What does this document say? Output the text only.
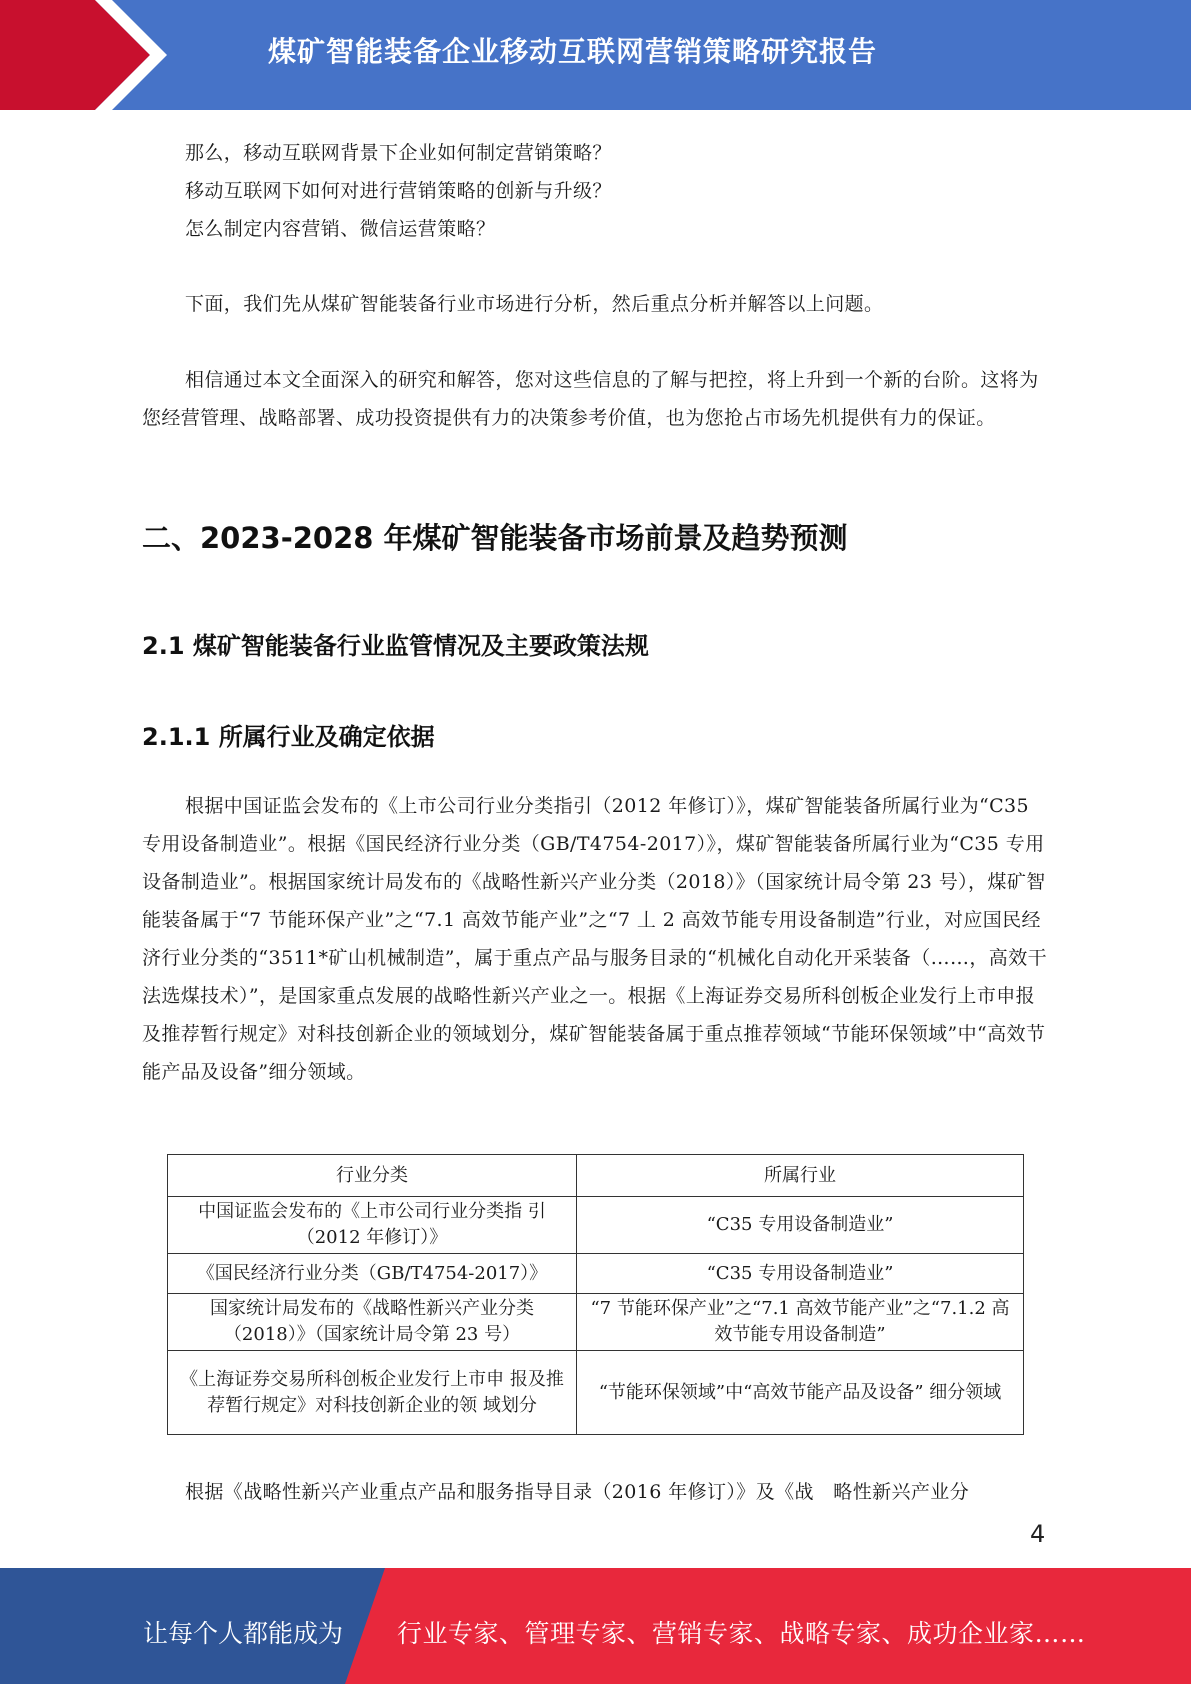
煤矿智能装备企业移动互联网营销策略研究报告
那么，移动互联网背景下企业如何制定营销策略？
移动互联网下如何对进行营销策略的创新与升级？
怎么制定内容营销、微信运营策略？
下面，我们先从煤矿智能装备行业市场进行分析，然后重点分析并解答以上问题。
相信通过本文全面深入的研究和解答，您对这些信息的了解与把控，将上升到一个新的台阶。这将为您经营管理、战略部署、成功投资提供有力的决策参考价值，也为您抢占市场先机提供有力的保证。
二、2023-2028 年煤矿智能装备市场前景及趋势预测
2.1 煤矿智能装备行业监管情况及主要政策法规
2.1.1 所属行业及确定依据
根据中国证监会发布的《上市公司行业分类指引（2012 年修订）》，煤矿智能装备所属行业为“C35 专用设备制造业”。根据《国民经济行业分类（GB/T4754-2017）》，煤矿智能装备所属行业为“C35 专用设备制造业”。根据国家统计局发布的《战略性新兴产业分类（2018）》（国家统计局令第 23 号），煤矿智能装备属于“7 节能环保产业”之“7.1 高效节能产业”之“7 丄 2 高效节能专用设备制造”行业，对应国民经济行业分类的“3511*矿山机械制造”，属于重点产品与服务目录的“机械化自动化开采装备（……，高效干法选煤技术）”，是国家重点发展的战略性新兴产业之一。根据《上海证券交易所科创板企业发行上市申报及推荐暂行规定》对科技创新企业的领域划分，煤矿智能装备属于重点推荐领域“节能环保领域”中“高效节能产品及设备”细分领域。
行业分类	所属行业
中国证监会发布的《上市公司行业分类指 引（2012 年修订）》	“C35 专用设备制造业”
《国民经济行业分类（GB/T4754-2017）》	“C35 专用设备制造业”
国家统计局发布的《战略性新兴产业分类（2018）》（国家统计局令第 23 号）	“7 节能环保产业”之“7.1 高效节能产业”之“7.1.2 高效节能专用设备制造”
《上海证券交易所科创板企业发行上市申 报及推荐暂行规定》对科技创新企业的领 域划分	“节能环保领域”中“高效节能产品及设备” 细分领域
根据《战略性新兴产业重点产品和服务指导目录（2016 年修订）》及《战　略性新兴产业分
4
让每个人都能成为 行业专家、管理专家、营销专家、战略专家、成功企业家……
